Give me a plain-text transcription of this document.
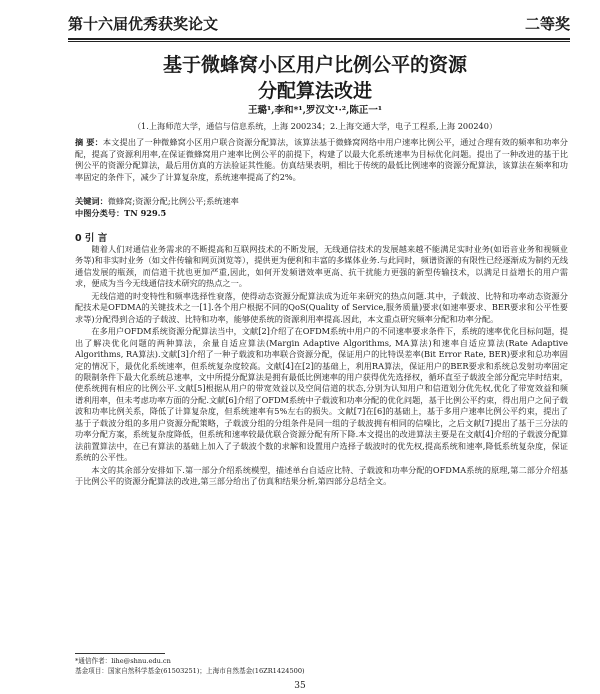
第十六届优秀获奖论文	二等奖
基于微蜂窝小区用户比例公平的资源
分配算法改进
王璐¹,李和*¹,罗汉文¹·²,陈正一¹
（1.上海师范大学，通信与信息系统，上海 200234；2.上海交通大学，电子工程系,上海 200240）
摘 要：本文提出了一种微蜂窝小区用户联合资源分配算法，该算法基于微蜂窝网络中用户速率比例公平，通过合理有效的频率和功率分配，提高了资源利用率,在保证微蜂窝用户速率比例公平的前提下，构建了以最大化系统速率为目标优化问题。提出了一种改进的基于比例公平的资源分配算法，最后用仿真的方法验证其性能。仿真结果表明，相比于传统的最低比例速率的资源分配算法，该算法在频率和功率固定的条件下，减少了计算复杂度，系统速率提高了约2%。
关键词：微蜂窝;资源分配;比例公平;系统速率
中图分类号：TN 929.5
0 引 言

随着人们对通信业务需求的不断提高和互联网技术的不断发展，无线通信技术的发展越来越不能满足实时业务(如语音业务和视频业务等)和非实时业务（如文件传输和网页浏览等），提供更为便利和丰富的多媒体业务.与此同时，频谱资源的有限性已经逐渐成为制约无线通信发展的瓶颈，而信道干扰也更加严重,因此，如何开发频谱效率更高、抗干扰能力更强的新型传输技术，以满足日益增长的用户需求，便成为当今无线通信技术研究的热点之一。

无线信道的时变特性和频率选择性衰落，使得动态资源分配算法成为近年来研究的热点问题.其中，子载波、比特和功率动态资源分配技术是OFDMA的关键技术之一[1].各个用户根据不同的QoS(Quality of Service,服务质量)要求(如速率要求、BER要求和公平性要求等)分配得到合适的子载波、比特和功率，能够使系统的资源利用率提高.因此，本文重点研究频率分配和功率分配。

在多用户OFDM系统资源分配算法当中，文献[2]介绍了在OFDM系统中用户的不同速率要求条件下，系统的速率优化目标问题，提出了解决优化问题的两种算法，余量自适应算法(Margin Adaptive Algorithms, MA算法)和速率自适应算法(Rate Adaptive Algorithms, RA算法).文献[3]介绍了一种子载波和功率联合资源分配，保证用户的比特误差率(Bit Error Rate, BER)要求和总功率固定的情况下，最优化系统速率，但系统复杂度较高。文献[4]在[2]的基础上，利用RA算法，保证用户的BER要求和系统总发射功率固定的限制条件下最大化系统总速率，文中所提分配算法是拥有最低比例速率的用户获得优先选择权，循环直至子载波全部分配完毕时结束，使系统拥有相应的比例公平.文献[5]根据从用户的带宽效益以及空间信道的状态,分别为认知用户和信道划分优先权,优化了带宽效益和频谱利用率，但未考虑功率方面的分配.文献[6]介绍了OFDM系统中子载波和功率分配的优化问题，基于比例公平约束，得出用户之间子载波和功率比例关系，降低了计算复杂度，但系统速率有5%左右的损失。文献[7]在[6]的基础上，基于多用户速率比例公平约束，提出了基于子载波分组的多用户资源分配策略，子载波分组的分组条件是同一组的子载波拥有相同的信噪比，之后文献[7]提出了基于三分法的功率分配方案，系统复杂度降低，但系统和速率较最优联合资源分配有所下降.本文提出的改进算法主要是在文献[4]介绍的子载波分配算法前置算法中，在已有算法的基础上加入了子载波个数的求解和设置用户选择子载波时的优先权,提高系统和速率,降低系统复杂度，保证系统的公平性。

本文的其余部分安排如下.第一部分介绍系统模型，描述单台自适应比特、子载波和功率分配的OFDMA系统的原理,第二部分介绍基于比例公平的资源分配算法的改进,第三部分给出了仿真和结果分析,第四部分总结全文。

*通信作者：lihe@shnu.edu.cn
基金项目：国家自然科学基金(61503251)；上海市自然基金(16ZR1424500)
35
